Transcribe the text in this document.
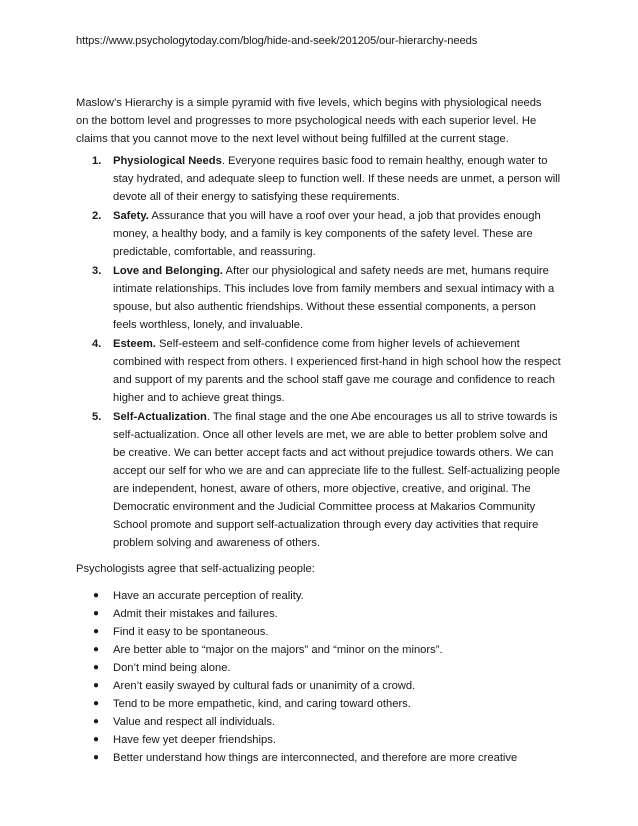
https://www.psychologytoday.com/blog/hide-and-seek/201205/our-hierarchy-needs

Maslow’s Hierarchy is a simple pyramid with five levels, which begins with physiological needs on the bottom level and progresses to more psychological needs with each superior level. He claims that you cannot move to the next level without being fulfilled at the current stage.

1. Physiological Needs. Everyone requires basic food to remain healthy, enough water to stay hydrated, and adequate sleep to function well. If these needs are unmet, a person will devote all of their energy to satisfying these requirements.
2. Safety. Assurance that you will have a roof over your head, a job that provides enough money, a healthy body, and a family is key components of the safety level. These are predictable, comfortable, and reassuring.
3. Love and Belonging. After our physiological and safety needs are met, humans require intimate relationships. This includes love from family members and sexual intimacy with a spouse, but also authentic friendships. Without these essential components, a person feels worthless, lonely, and invaluable.
4. Esteem. Self-esteem and self-confidence come from higher levels of achievement combined with respect from others. I experienced first-hand in high school how the respect and support of my parents and the school staff gave me courage and confidence to reach higher and to achieve great things.
5. Self-Actualization. The final stage and the one Abe encourages us all to strive towards is self-actualization. Once all other levels are met, we are able to better problem solve and be creative. We can better accept facts and act without prejudice towards others. We can accept our self for who we are and can appreciate life to the fullest. Self-actualizing people are independent, honest, aware of others, more objective, creative, and original. The Democratic environment and the Judicial Committee process at Makarios Community School promote and support self-actualization through every day activities that require problem solving and awareness of others.

Psychologists agree that self-actualizing people:

● Have an accurate perception of reality.
● Admit their mistakes and failures.
● Find it easy to be spontaneous.
● Are better able to “major on the majors” and “minor on the minors”.
● Don’t mind being alone.
● Aren’t easily swayed by cultural fads or unanimity of a crowd.
● Tend to be more empathetic, kind, and caring toward others.
● Value and respect all individuals.
● Have few yet deeper friendships.
● Better understand how things are interconnected, and therefore are more creative
